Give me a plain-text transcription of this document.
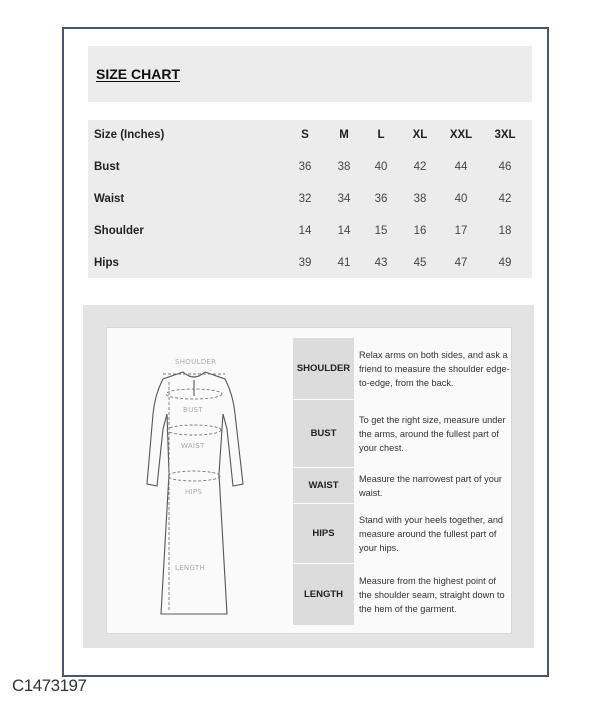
SIZE CHART
Size (Inches)	S	M	L	XL	XXL	3XL
Bust	36	38	40	42	44	46
Waist	32	34	36	38	40	42
Shoulder	14	14	15	16	17	18
Hips	39	41	43	45	47	49
SHOULDER
BUST
WAIST
HIPS
LENGTH
SHOULDER
Relax arms on both sides, and ask a friend to measure the shoulder edge-to-edge, from the back.
BUST
To get the right size, measure under the arms, around the fullest part of your chest.
WAIST
Measure the narrowest part of your waist.
HIPS
Stand with your heels together, and measure around the fullest part of your hips.
LENGTH
Measure from the highest point of the shoulder seam, straight down to the hem of the garment.
C1473197
